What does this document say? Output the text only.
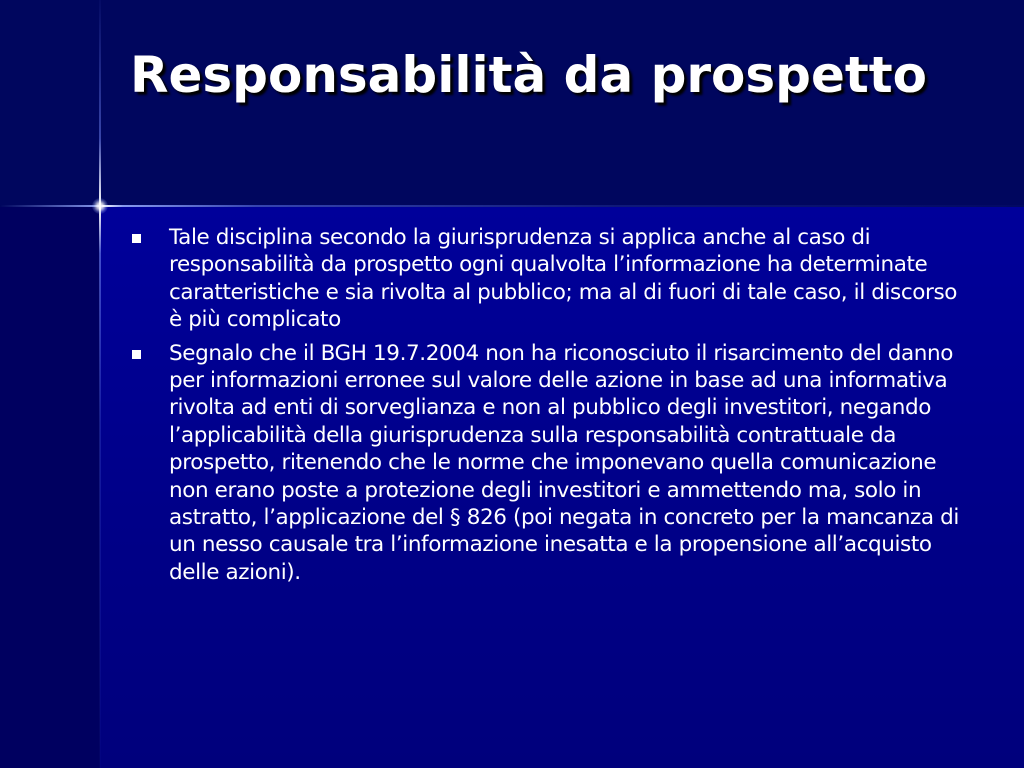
Responsabilità da prospetto
Tale disciplina secondo la giurisprudenza si applica anche al caso di responsabilità da prospetto ogni qualvolta l’informazione ha determinate caratteristiche e sia rivolta al pubblico; ma al di fuori di tale caso, il discorso è più complicato
Segnalo che il BGH 19.7.2004 non ha riconosciuto il risarcimento del danno per informazioni erronee sul valore delle azione in base ad una informativa rivolta ad enti di sorveglianza e non al pubblico degli investitori, negando l’applicabilità della giurisprudenza sulla responsabilità contrattuale da prospetto, ritenendo che le norme che imponevano quella comunicazione non erano poste a protezione degli investitori e ammettendo ma, solo in astratto, l’applicazione del § 826 (poi negata in concreto per la mancanza di un nesso causale tra l’informazione inesatta e la propensione all’acquisto delle azioni).
